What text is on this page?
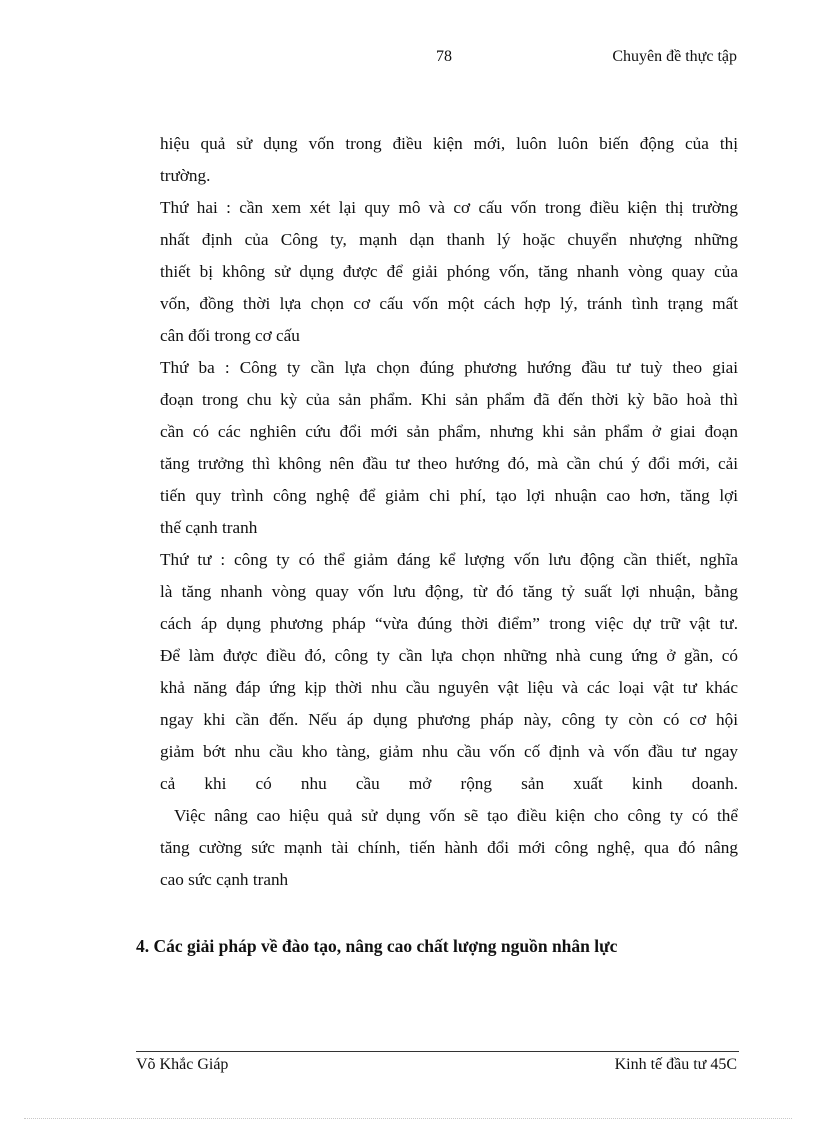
78	Chuyên đề thực tập
hiệu quả sử dụng vốn trong điều kiện mới, luôn luôn biến động của thị
trường.
Thứ hai : cần xem xét lại quy mô và cơ cấu vốn trong điều kiện thị trường
nhất định của Công ty, mạnh dạn thanh lý hoặc chuyển nhượng những
thiết bị không sử dụng được để giải phóng vốn, tăng nhanh vòng quay của
vốn, đồng thời lựa chọn cơ cấu vốn một cách hợp lý, tránh tình trạng mất
cân đối trong cơ cấu
Thứ ba : Công ty cần lựa chọn đúng phương hướng đầu tư tuỳ theo giai
đoạn trong chu kỳ của sản phẩm. Khi sản phẩm đã đến thời kỳ bão hoà thì
cần có các nghiên cứu đổi mới sản phẩm, nhưng khi sản phẩm ở giai đoạn
tăng trưởng thì không nên đầu tư theo hướng đó, mà cần chú ý đổi mới, cải
tiến quy trình công nghệ để giảm chi phí, tạo lợi nhuận cao hơn, tăng lợi
thế cạnh tranh
Thứ tư : công ty có thể giảm đáng kể lượng vốn lưu động cần thiết, nghĩa
là tăng nhanh vòng quay vốn lưu động, từ đó tăng tỷ suất lợi nhuận, bằng
cách áp dụng phương pháp “vừa đúng thời điểm” trong việc dự trữ vật tư.
Để làm được điều đó, công ty cần lựa chọn những nhà cung ứng ở gần, có
khả năng đáp ứng kịp thời nhu cầu nguyên vật liệu và các loại vật tư khác
ngay khi cần đến. Nếu áp dụng phương pháp này, công ty còn có cơ hội
giảm bớt nhu cầu kho tàng, giảm nhu cầu vốn cố định và vốn đầu tư ngay
cả khi có nhu cầu mở rộng sản xuất kinh doanh.
Việc nâng cao hiệu quả sử dụng vốn sẽ tạo điều kiện cho công ty có thể
tăng cường sức mạnh tài chính, tiến hành đổi mới công nghệ, qua đó nâng
cao sức cạnh tranh
4. Các giải pháp về đào tạo, nâng cao chất lượng nguồn nhân lực
Võ Khắc Giáp	Kinh tế đầu tư 45C
